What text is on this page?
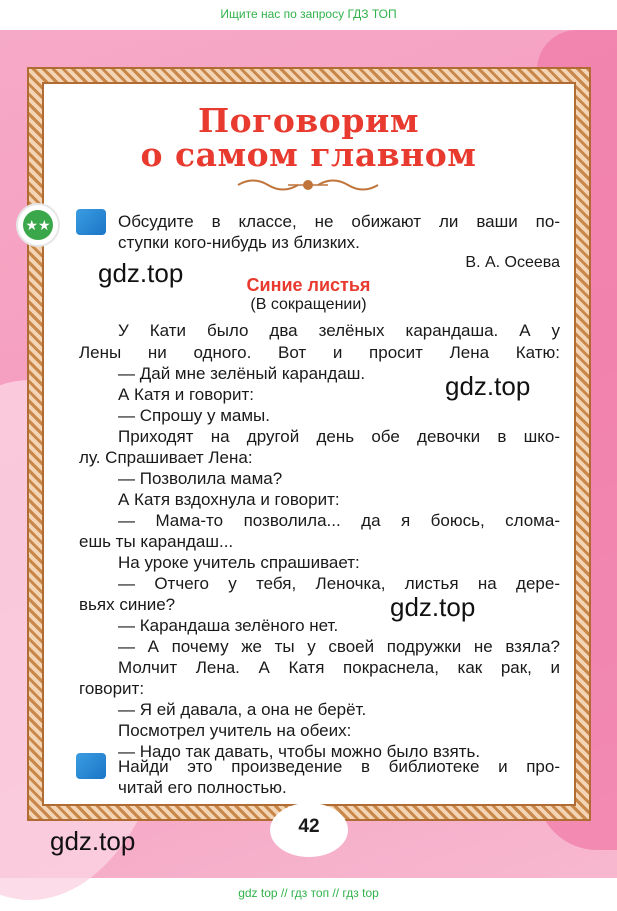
Ищите нас по запросу ГДЗ ТОП
Поговорим
о самом главном
★★	Обсудите в классе, не обижают ли ваши по-
ступки кого-нибудь из близких.
В. А. Осеева
Синие листья
(В сокращении)
У Кати было два зелёных карандаша. А у
Лены ни одного. Вот и просит Лена Катю:
— Дай мне зелёный карандаш.
А Катя и говорит:
— Спрошу у мамы.
Приходят на другой день обе девочки в шко-
лу. Спрашивает Лена:
— Позволила мама?
А Катя вздохнула и говорит:
— Мама-то позволила... да я боюсь, слома-
ешь ты карандаш...
На уроке учитель спрашивает:
— Отчего у тебя, Леночка, листья на дере-
вьях синие?
— Карандаша зелёного нет.
— А почему же ты у своей подружки не взяла?
Молчит Лена. А Катя покраснела, как рак, и
говорит:
— Я ей давала, а она не берёт.
Посмотрел учитель на обеих:
— Надо так давать, чтобы можно было взять.
Найди это произведение в библиотеке и про-
читай его полностью.
gdz.top
gdz.top
gdz.top
gdz.top	42
gdz top // гдз топ // гдз top
